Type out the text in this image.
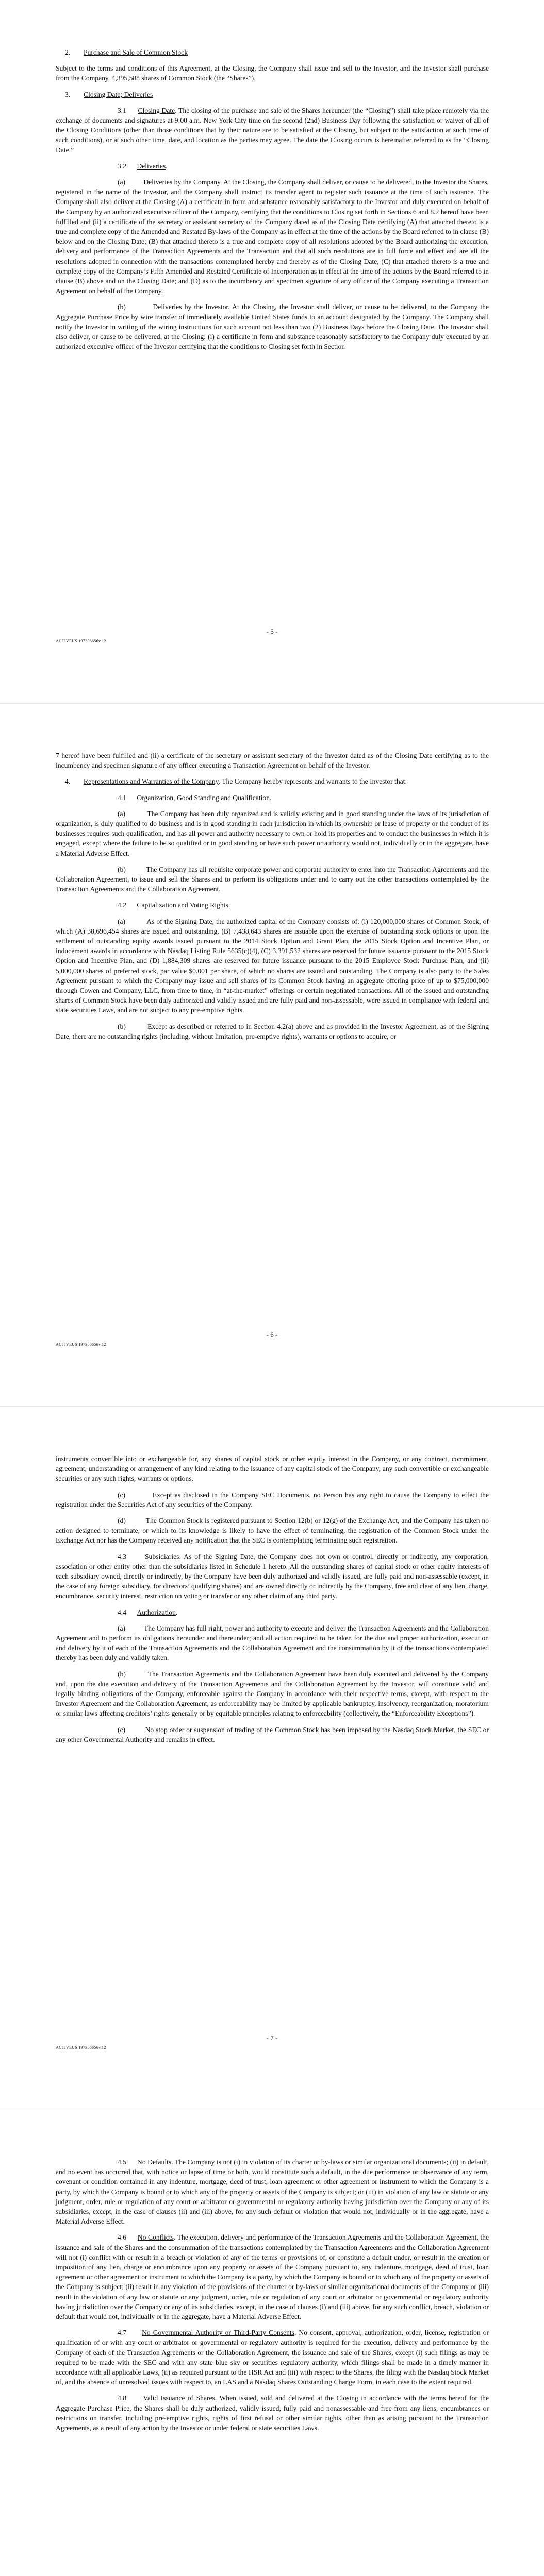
2. Purchase and Sale of Common Stock

Subject to the terms and conditions of this Agreement, at the Closing, the Company shall issue and sell to the Investor, and the Investor shall purchase from the Company, 4,395,588 shares of Common Stock (the “Shares”).

3. Closing Date; Deliveries

3.1 Closing Date. The closing of the purchase and sale of the Shares hereunder (the “Closing”) shall take place remotely via the exchange of documents and signatures at 9:00 a.m. New York City time on the second (2nd) Business Day following the satisfaction or waiver of all of the Closing Conditions (other than those conditions that by their nature are to be satisfied at the Closing, but subject to the satisfaction at such time of such conditions), or at such other time, date, and location as the parties may agree. The date the Closing occurs is hereinafter referred to as the “Closing Date.”

3.2 Deliveries.

(a)	Deliveries by the Company. At the Closing, the Company shall deliver, or cause to be delivered, to the Investor the Shares, registered in the name of the Investor, and the Company shall instruct its transfer agent to register such issuance at the time of such issuance. The Company shall also deliver at the Closing (A) a certificate in form and substance reasonably satisfactory to the Investor and duly executed on behalf of the Company by an authorized executive officer of the Company, certifying that the conditions to Closing set forth in Sections 6 and 8.2 hereof have been fulfilled and (ii) a certificate of the secretary or assistant secretary of the Company dated as of the Closing Date certifying (A) that attached thereto is a true and complete copy of the Amended and Restated By-laws of the Company as in effect at the time of the actions by the Board referred to in clause (B) below and on the Closing Date; (B) that attached thereto is a true and complete copy of all resolutions adopted by the Board authorizing the execution, delivery and performance of the Transaction Agreements and the Transaction and that all such resolutions are in full force and effect and are all the resolutions adopted in connection with the transactions contemplated hereby and thereby as of the Closing Date; (C) that attached thereto is a true and complete copy of the Company’s Fifth Amended and Restated Certificate of Incorporation as in effect at the time of the actions by the Board referred to in clause (B) above and on the Closing Date; and (D) as to the incumbency and specimen signature of any officer of the Company executing a Transaction Agreement on behalf of the Company.

(b)	Deliveries by the Investor. At the Closing, the Investor shall deliver, or cause to be delivered, to the Company the Aggregate Purchase Price by wire transfer of immediately available United States funds to an account designated by the Company. The Company shall notify the Investor in writing of the wiring instructions for such account not less than two (2) Business Days before the Closing Date. The Investor shall also deliver, or cause to be delivered, at the Closing: (i) a certificate in form and substance reasonably satisfactory to the Company duly executed by an authorized executive officer of the Investor certifying that the conditions to Closing set forth in Section

- 5 -
ACTIVEUS 197306656v.12

7 hereof have been fulfilled and (ii) a certificate of the secretary or assistant secretary of the Investor dated as of the Closing Date certifying as to the incumbency and specimen signature of any officer executing a Transaction Agreement on behalf of the Investor.

4. Representations and Warranties of the Company. The Company hereby represents and warrants to the Investor that:

4.1 Organization, Good Standing and Qualification.

(a)	The Company has been duly organized and is validly existing and in good standing under the laws of its jurisdiction of organization, is duly qualified to do business and is in good standing in each jurisdiction in which its ownership or lease of property or the conduct of its businesses requires such qualification, and has all power and authority necessary to own or hold its properties and to conduct the businesses in which it is engaged, except where the failure to be so qualified or in good standing or have such power or authority would not, individually or in the aggregate, have a Material Adverse Effect.

(b)	The Company has all requisite corporate power and corporate authority to enter into the Transaction Agreements and the Collaboration Agreement, to issue and sell the Shares and to perform its obligations under and to carry out the other transactions contemplated by the Transaction Agreements and the Collaboration Agreement.

4.2 Capitalization and Voting Rights.

(a)	As of the Signing Date, the authorized capital of the Company consists of: (i) 120,000,000 shares of Common Stock, of which (A) 38,696,454 shares are issued and outstanding, (B) 7,438,643 shares are issuable upon the exercise of outstanding stock options or upon the settlement of outstanding equity awards issued pursuant to the 2014 Stock Option and Grant Plan, the 2015 Stock Option and Incentive Plan, or inducement awards in accordance with Nasdaq Listing Rule 5635(c)(4), (C) 3,391,532 shares are reserved for future issuance pursuant to the 2015 Stock Option and Incentive Plan, and (D) 1,884,309 shares are reserved for future issuance pursuant to the 2015 Employee Stock Purchase Plan, and (ii) 5,000,000 shares of preferred stock, par value $0.001 per share, of which no shares are issued and outstanding. The Company is also party to the Sales Agreement pursuant to which the Company may issue and sell shares of its Common Stock having an aggregate offering price of up to $75,000,000 through Cowen and Company, LLC, from time to time, in “at-the-market” offerings or certain negotiated transactions. All of the issued and outstanding shares of Common Stock have been duly authorized and validly issued and are fully paid and non-assessable, were issued in compliance with federal and state securities Laws, and are not subject to any pre-emptive rights.

(b)	Except as described or referred to in Section 4.2(a) above and as provided in the Investor Agreement, as of the Signing Date, there are no outstanding rights (including, without limitation, pre-emptive rights), warrants or options to acquire, or

- 6 -
ACTIVEUS 197306656v.12

instruments convertible into or exchangeable for, any shares of capital stock or other equity interest in the Company, or any contract, commitment, agreement, understanding or arrangement of any kind relating to the issuance of any capital stock of the Company, any such convertible or exchangeable securities or any such rights, warrants or options.

(c)	Except as disclosed in the Company SEC Documents, no Person has any right to cause the Company to effect the registration under the Securities Act of any securities of the Company.

(d)	The Common Stock is registered pursuant to Section 12(b) or 12(g) of the Exchange Act, and the Company has taken no action designed to terminate, or which to its knowledge is likely to have the effect of terminating, the registration of the Common Stock under the Exchange Act nor has the Company received any notification that the SEC is contemplating terminating such registration.

4.3	Subsidiaries. As of the Signing Date, the Company does not own or control, directly or indirectly, any corporation, association or other entity other than the subsidiaries listed in Schedule 1 hereto. All the outstanding shares of capital stock or other equity interests of each subsidiary owned, directly or indirectly, by the Company have been duly authorized and validly issued, are fully paid and non-assessable (except, in the case of any foreign subsidiary, for directors’ qualifying shares) and are owned directly or indirectly by the Company, free and clear of any lien, charge, encumbrance, security interest, restriction on voting or transfer or any other claim of any third party.

4.4 Authorization.

(a)	The Company has full right, power and authority to execute and deliver the Transaction Agreements and the Collaboration Agreement and to perform its obligations hereunder and thereunder; and all action required to be taken for the due and proper authorization, execution and delivery by it of each of the Transaction Agreements and the Collaboration Agreement and the consummation by it of the transactions contemplated thereby has been duly and validly taken.

(b)	The Transaction Agreements and the Collaboration Agreement have been duly executed and delivered by the Company and, upon the due execution and delivery of the Transaction Agreements and the Collaboration Agreement by the Investor, will constitute valid and legally binding obligations of the Company, enforceable against the Company in accordance with their respective terms, except, with respect to the Investor Agreement and the Collaboration Agreement, as enforceability may be limited by applicable bankruptcy, insolvency, reorganization, moratorium or similar laws affecting creditors’ rights generally or by equitable principles relating to enforceability (collectively, the “Enforceability Exceptions”).

(c)	No stop order or suspension of trading of the Common Stock has been imposed by the Nasdaq Stock Market, the SEC or any other Governmental Authority and remains in effect.

- 7 -
ACTIVEUS 197306656v.12

4.5 No Defaults. The Company is not (i) in violation of its charter or by-laws or similar organizational documents; (ii) in default, and no event has occurred that, with notice or lapse of time or both, would constitute such a default, in the due performance or observance of any term, covenant or condition contained in any indenture, mortgage, deed of trust, loan agreement or other agreement or instrument to which the Company is a party, by which the Company is bound or to which any of the property or assets of the Company is subject; or (iii) in violation of any law or statute or any judgment, order, rule or regulation of any court or arbitrator or governmental or regulatory authority having jurisdiction over the Company or any of its subsidiaries, except, in the case of clauses (ii) and (iii) above, for any such default or violation that would not, individually or in the aggregate, have a Material Adverse Effect.

4.6 No Conflicts. The execution, delivery and performance of the Transaction Agreements and the Collaboration Agreement, the issuance and sale of the Shares and the consummation of the transactions contemplated by the Transaction Agreements and the Collaboration Agreement will not (i) conflict with or result in a breach or violation of any of the terms or provisions of, or constitute a default under, or result in the creation or imposition of any lien, charge or encumbrance upon any property or assets of the Company pursuant to, any indenture, mortgage, deed of trust, loan agreement or other agreement or instrument to which the Company is a party, by which the Company is bound or to which any of the property or assets of the Company is subject; (ii) result in any violation of the provisions of the charter or by-laws or similar organizational documents of the Company or (iii) result in the violation of any law or statute or any judgment, order, rule or regulation of any court or arbitrator or governmental or regulatory authority having jurisdiction over the Company or any of its subsidiaries, except, in the case of clauses (i) and (iii) above, for any such conflict, breach, violation or default that would not, individually or in the aggregate, have a Material Adverse Effect.

4.7 No Governmental Authority or Third-Party Consents. No consent, approval, authorization, order, license, registration or qualification of or with any court or arbitrator or governmental or regulatory authority is required for the execution, delivery and performance by the Company of each of the Transaction Agreements or the Collaboration Agreement, the issuance and sale of the Shares, except (i) such filings as may be required to be made with the SEC and with any state blue sky or securities regulatory authority, which filings shall be made in a timely manner in accordance with all applicable Laws, (ii) as required pursuant to the HSR Act and (iii) with respect to the Shares, the filing with the Nasdaq Stock Market of, and the absence of unresolved issues with respect to, an LAS and a Nasdaq Shares Outstanding Change Form, in each case to the extent required.

4.8 Valid Issuance of Shares. When issued, sold and delivered at the Closing in accordance with the terms hereof for the Aggregate Purchase Price, the Shares shall be duly authorized, validly issued, fully paid and nonassessable and free from any liens, encumbrances or restrictions on transfer, including pre-emptive rights, rights of first refusal or other similar rights, other than as arising pursuant to the Transaction Agreements, as a result of any action by the Investor or under federal or state securities Laws.
